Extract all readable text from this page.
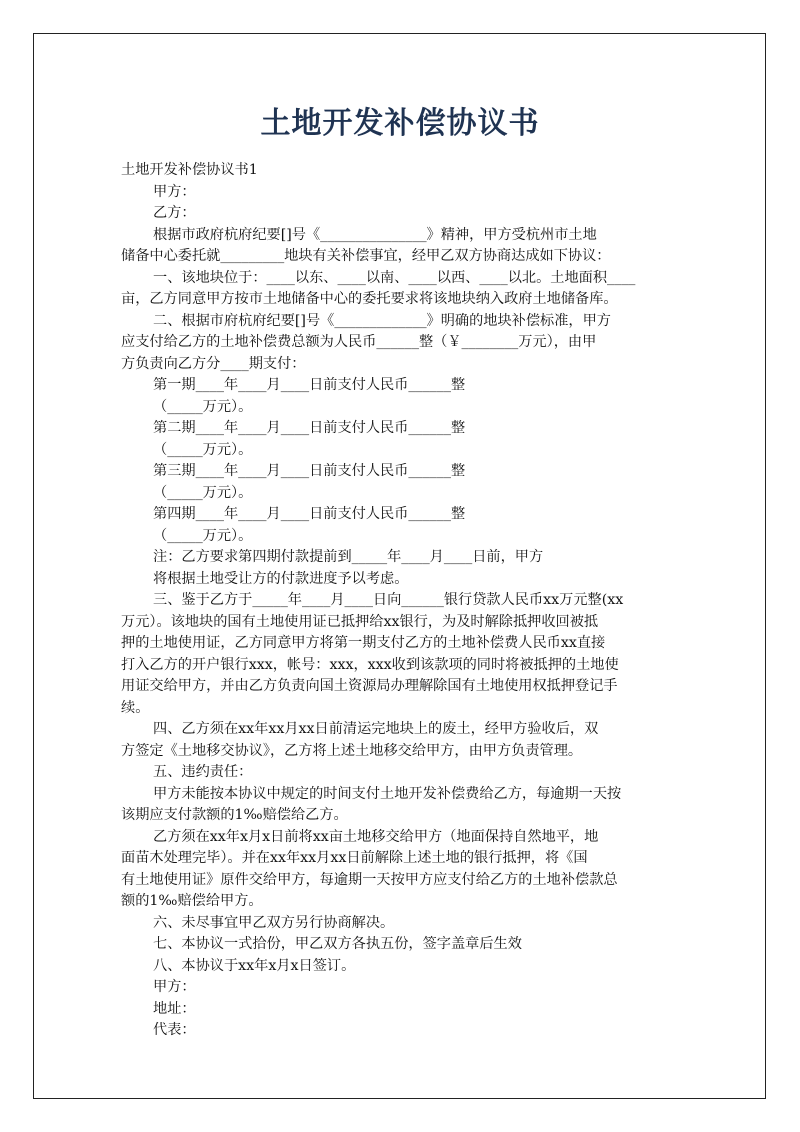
土地开发补偿协议书
土地开发补偿协议书1
甲方：
乙方：
根据市政府杭府纪要[]号《_______________》精神，甲方受杭州市土地
储备中心委托就_________地块有关补偿事宜，经甲乙双方协商达成如下协议：
一、该地块位于：____以东、____以南、____以西、____以北。土地面积____
亩，乙方同意甲方按市土地储备中心的委托要求将该地块纳入政府土地储备库。
二、根据市府杭府纪要[]号《_____________》明确的地块补偿标准，甲方
应支付给乙方的土地补偿费总额为人民币______整（￥________万元），由甲
方负责向乙方分____期支付：
第一期____年____月____日前支付人民币______整
（_____万元）。
第二期____年____月____日前支付人民币______整
（_____万元）。
第三期____年____月____日前支付人民币______整
（_____万元）。
第四期____年____月____日前支付人民币______整
（_____万元）。
注：乙方要求第四期付款提前到_____年____月____日前，甲方
将根据土地受让方的付款进度予以考虑。
三、鉴于乙方于_____年____月____日向______银行贷款人民币xx万元整(xx
万元）。该地块的国有土地使用证已抵押给xx银行，为及时解除抵押收回被抵
押的土地使用证，乙方同意甲方将第一期支付乙方的土地补偿费人民币xx直接
打入乙方的开户银行xxx，帐号：xxx，xxx收到该款项的同时将被抵押的土地使
用证交给甲方，并由乙方负责向国土资源局办理解除国有土地使用权抵押登记手
续。
四、乙方须在xx年xx月xx日前清运完地块上的废土，经甲方验收后，双
方签定《土地移交协议》，乙方将上述土地移交给甲方，由甲方负责管理。
五、违约责任：
甲方未能按本协议中规定的时间支付土地开发补偿费给乙方，每逾期一天按
该期应支付款额的1‰赔偿给乙方。
乙方须在xx年x月x日前将xx亩土地移交给甲方（地面保持自然地平，地
面苗木处理完毕）。并在xx年xx月xx日前解除上述土地的银行抵押，将《国
有土地使用证》原件交给甲方，每逾期一天按甲方应支付给乙方的土地补偿款总
额的1‰赔偿给甲方。
六、未尽事宜甲乙双方另行协商解决。
七、本协议一式拾份，甲乙双方各执五份，签字盖章后生效
八、本协议于xx年x月x日签订。
甲方：
地址：
代表：
